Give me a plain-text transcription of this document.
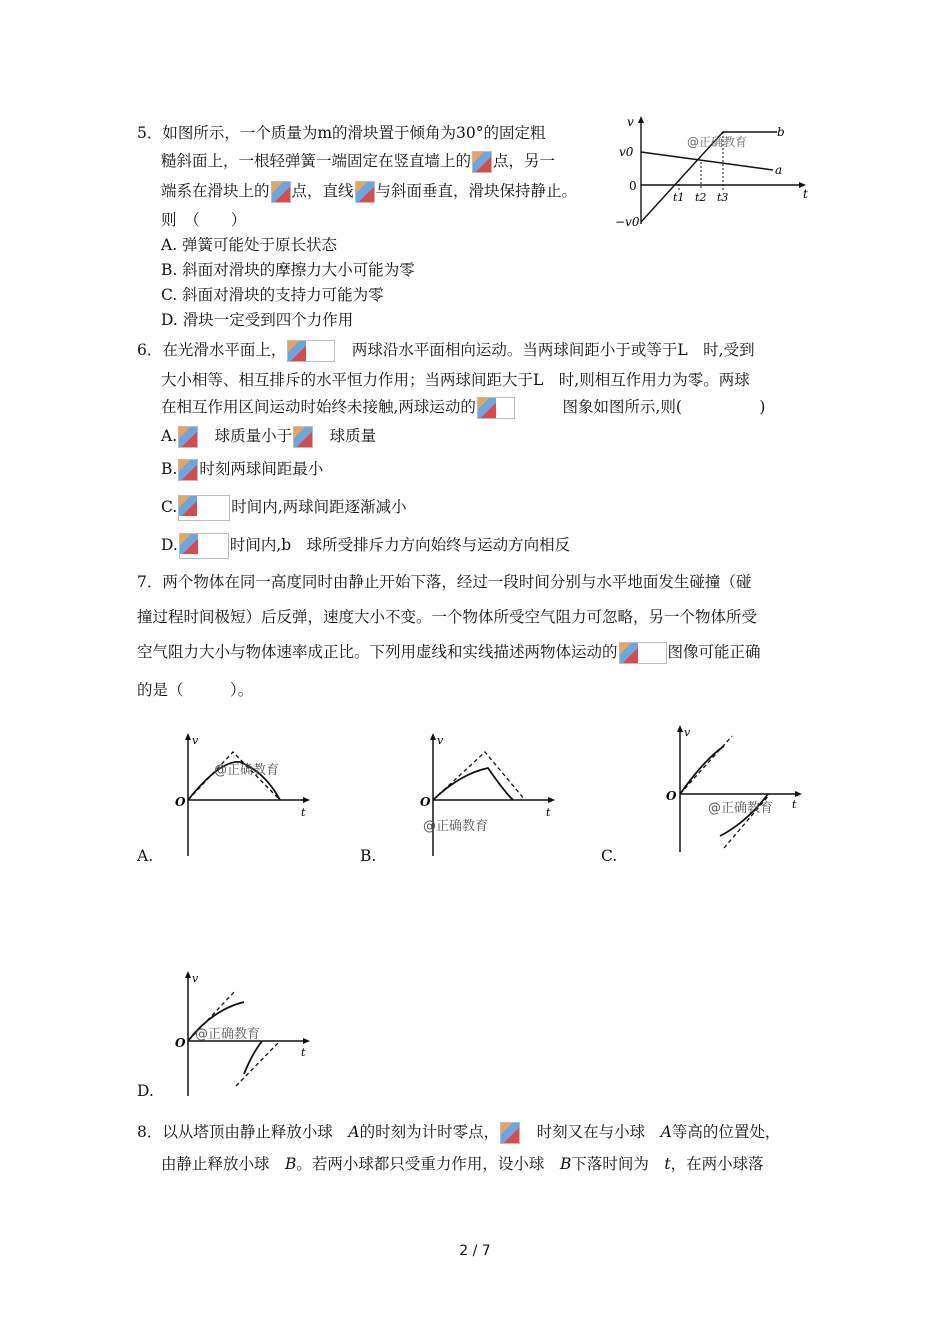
5．如图所示，一个质量为m的滑块置于倾角为30°的固定粗
糙斜面上，一根轻弹簧一端固定在竖直墙上的 点，另一
端系在滑块上的 点，直线 与斜面垂直，滑块保持静止。
则　（　　）
A. 弹簧可能处于原长状态
B. 斜面对滑块的摩擦力大小可能为零
C. 斜面对滑块的支持力可能为零
D. 滑块一定受到四个力作用
v
v0
0
−v0
t
t1 t2 t3
a
b
@正确教育
6．在光滑水平面上，　	两球沿水平面相向运动。当两球间距小于或等于L　时,受到
大小相等、相互排斥的水平恒力作用；当两球间距大于L　时,则相互作用力为零。两球
在相互作用区间运动时始终未接触,两球运动的　　　	图象如图所示,则(　　　　　)
A.　 球质量小于　 球质量
B. 时刻两球间距最小
C.	时间内,两球间距逐渐减小
D.	时间内,b　球所受排斥力方向始终与运动方向相反
7．两个物体在同一高度同时由静止开始下落，经过一段时间分别与水平地面发生碰撞（碰
撞过程时间极短）后反弹，速度大小不变。一个物体所受空气阻力可忽略，另一个物体所受
空气阻力大小与物体速率成正比。下列用虚线和实线描述两物体运动的	图像可能正确
的是（　　　）。
v
O
t
@正确教育
A.
v
O
t
@正确教育
B.
v
O
t
@正确教育
C.
v
O
t
@正确教育
D.
8．以从塔顶由静止释放小球　 A的时刻为计时零点，　 时刻又在与小球　 A等高的位置处，
由静止释放小球　 B。若两小球都只受重力作用，设小球　 B下落时间为　 t，在两小球落
2 / 7
